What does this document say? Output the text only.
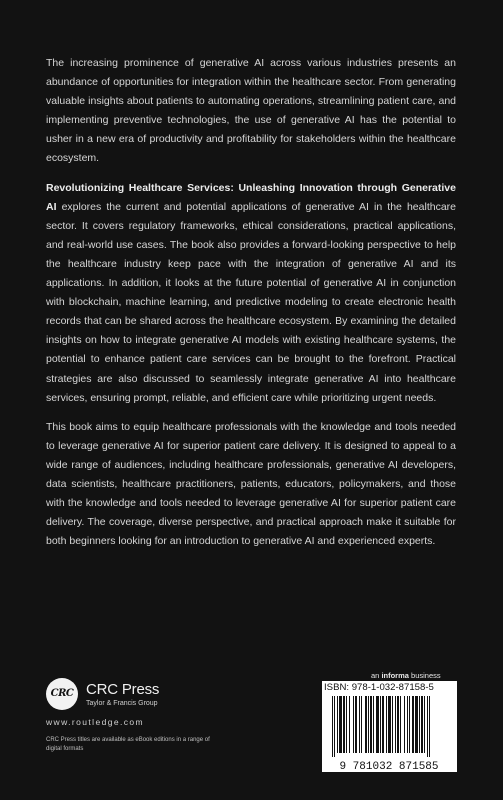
The increasing prominence of generative AI across various industries presents an abundance of opportunities for integration within the healthcare sector. From generating valuable insights about patients to automating operations, streamlining patient care, and implementing preventive technologies, the use of generative AI has the potential to usher in a new era of productivity and profitability for stakeholders within the healthcare ecosystem.

Revolutionizing Healthcare Services: Unleashing Innovation through Generative AI explores the current and potential applications of generative AI in the healthcare sector. It covers regulatory frameworks, ethical considerations, practical applications, and real-world use cases. The book also provides a forward-looking perspective to help the healthcare industry keep pace with the integration of generative AI and its applications. In addition, it looks at the future potential of generative AI in conjunction with blockchain, machine learning, and predictive modeling to create electronic health records that can be shared across the healthcare ecosystem. By examining the detailed insights on how to integrate generative AI models with existing healthcare systems, the potential to enhance patient care services can be brought to the forefront. Practical strategies are also discussed to seamlessly integrate generative AI into healthcare services, ensuring prompt, reliable, and efficient care while prioritizing urgent needs.

This book aims to equip healthcare professionals with the knowledge and tools needed to leverage generative AI for superior patient care delivery. It is designed to appeal to a wide range of audiences, including healthcare professionals, generative AI developers, data scientists, healthcare practitioners, patients, educators, policymakers, and those with the knowledge and tools needed to leverage generative AI for superior patient care delivery. The coverage, diverse perspective, and practical approach make it suitable for both beginners looking for an introduction to generative AI and experienced experts.

CRC CRC Press
Taylor & Francis Group
www.routledge.com
CRC Press titles are available as eBook editions in a range of digital formats
an informa business
ISBN: 978-1-032-87158-5
9 781032 871585
